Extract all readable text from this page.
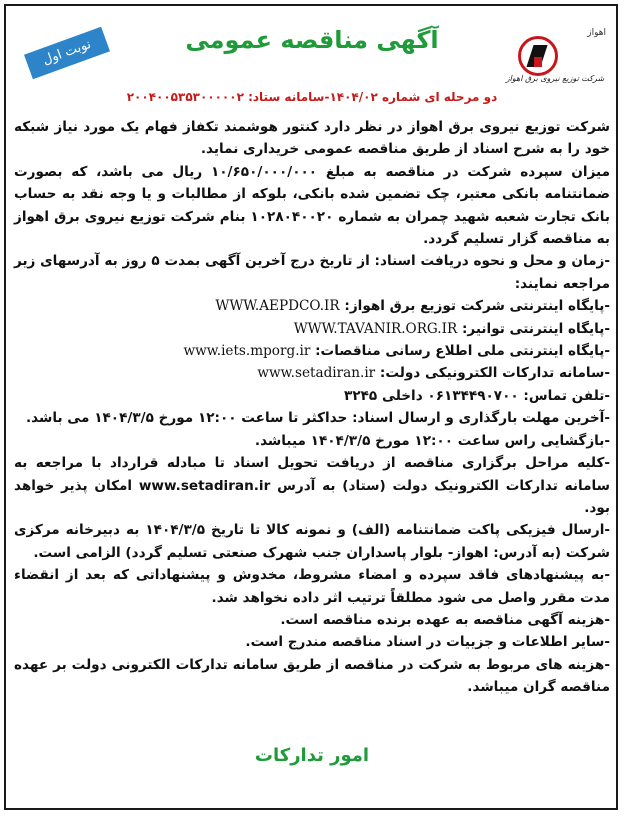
اهواز
شرکت توزیع نیروی برق اهواز
نوبت اول	آگهی مناقصه عمومی
دو مرحله ای شماره ۱۴۰۴/۰۲-سامانه ستاد: ۲۰۰۴۰۰۵۳۵۳۰۰۰۰۰۲

شرکت توزیع نیروی برق اهواز در نظر دارد کنتور هوشمند تکفاز فهام یک مورد نیاز شبکه خود را به شرح اسناد از طریق مناقصه عمومی خریداری نماید.

میزان سپرده شرکت در مناقصه به مبلغ ۱۰/۶۵۰/۰۰۰/۰۰۰ ریال می باشد، که بصورت ضمانتنامه بانکی معتبر، چک تضمین شده بانکی، بلوکه از مطالبات و یا وجه نقد به حساب بانک تجارت شعبه شهید چمران به شماره ۱۰۲۸۰۴۰۰۲۰ بنام شرکت توزیع نیروی برق اهواز به مناقصه گزار تسلیم گردد.

-زمان و محل و نحوه دریافت اسناد: از تاریخ درج آخرین آگهی بمدت ۵ روز به آدرسهای زیر مراجعه نمایند:

-پایگاه اینترنتی شرکت توزیع برق اهواز: WWW.AEPDCO.IR

-پایگاه اینترنتی توانیر: WWW.TAVANIR.ORG.IR

-پایگاه اینترنتی ملی اطلاع رسانی مناقصات: www.iets.mporg.ir

-سامانه تدارکات الکترونیکی دولت: www.setadiran.ir

-تلفن تماس: ۰۶۱۳۴۴۹۰۷۰۰ داخلی ۳۲۴۵

-آخرین مهلت بارگذاری و ارسال اسناد: حداکثر تا ساعت ۱۲:۰۰ مورخ ۱۴۰۴/۳/۵ می باشد.

-بازگشایی راس ساعت ۱۲:۰۰ مورخ ۱۴۰۴/۳/۵ میباشد.

-کلیه مراحل برگزاری مناقصه از دریافت تحویل اسناد تا مبادله قرارداد با مراجعه به سامانه تدارکات الکترونیک دولت (ستاد) به آدرس www.setadiran.ir امکان پذیر خواهد بود.

-ارسال فیزیکی پاکت ضمانتنامه (الف) و نمونه کالا تا تاریخ ۱۴۰۴/۳/۵ به دبیرخانه مرکزی شرکت (به آدرس: اهواز- بلوار پاسداران جنب شهرک صنعتی تسلیم گردد) الزامی است.

-به پیشنهادهای فاقد سپرده و امضاء مشروط، مخدوش و پیشنهاداتی که بعد از انقضاء مدت مقرر واصل می شود مطلقاً ترتیب اثر داده نخواهد شد.

-هزینه آگهی مناقصه به عهده برنده مناقصه است.

-سایر اطلاعات و جزییات در اسناد مناقصه مندرج است.

-هزینه های مربوط به شرکت در مناقصه از طریق سامانه تدارکات الکترونی دولت بر عهده مناقصه گران میباشد.

امور تدارکات
